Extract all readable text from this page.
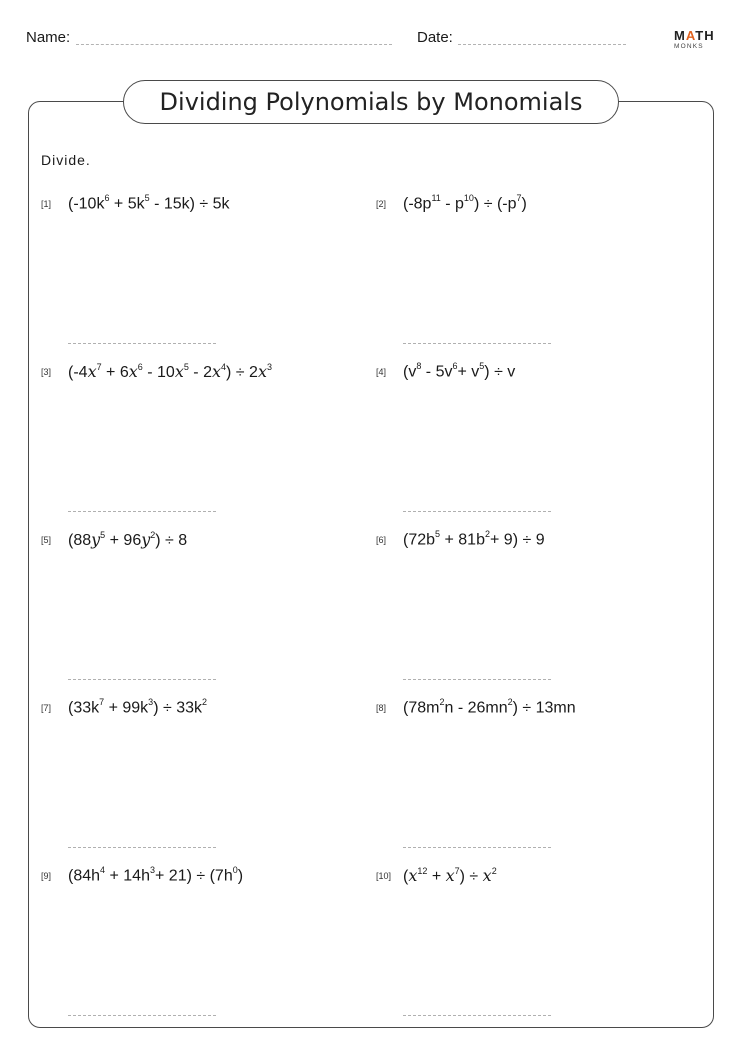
Name:	Date:	MATH
MONKS
Dividing Polynomials by Monomials
Divide.
[1] $(-10k^6 + 5k^5 - 15k) \div 5k$	[2] $(-8p^{11} - p^{10}) \div (-p^7)$
[3] $(-4x^7 + 6x^6 - 10x^5 - 2x^4) \div 2x^3$
[4] $(v^8 - 5v^6+ v^5) \div v$
[5] $(88y^5 + 96y^2) \div 8$	[6] $(72b^5 + 81b^2+ 9) \div 9$
[7] $(33k^7 + 99k^3) \div 33k^2$
[8] $(78m^2n - 26mn^2) \div 13mn$
[9] $(84h^4 + 14h^3+ 21) \div (7h^0)$	[10] $(x^{12} + x^7) \div x^2$
